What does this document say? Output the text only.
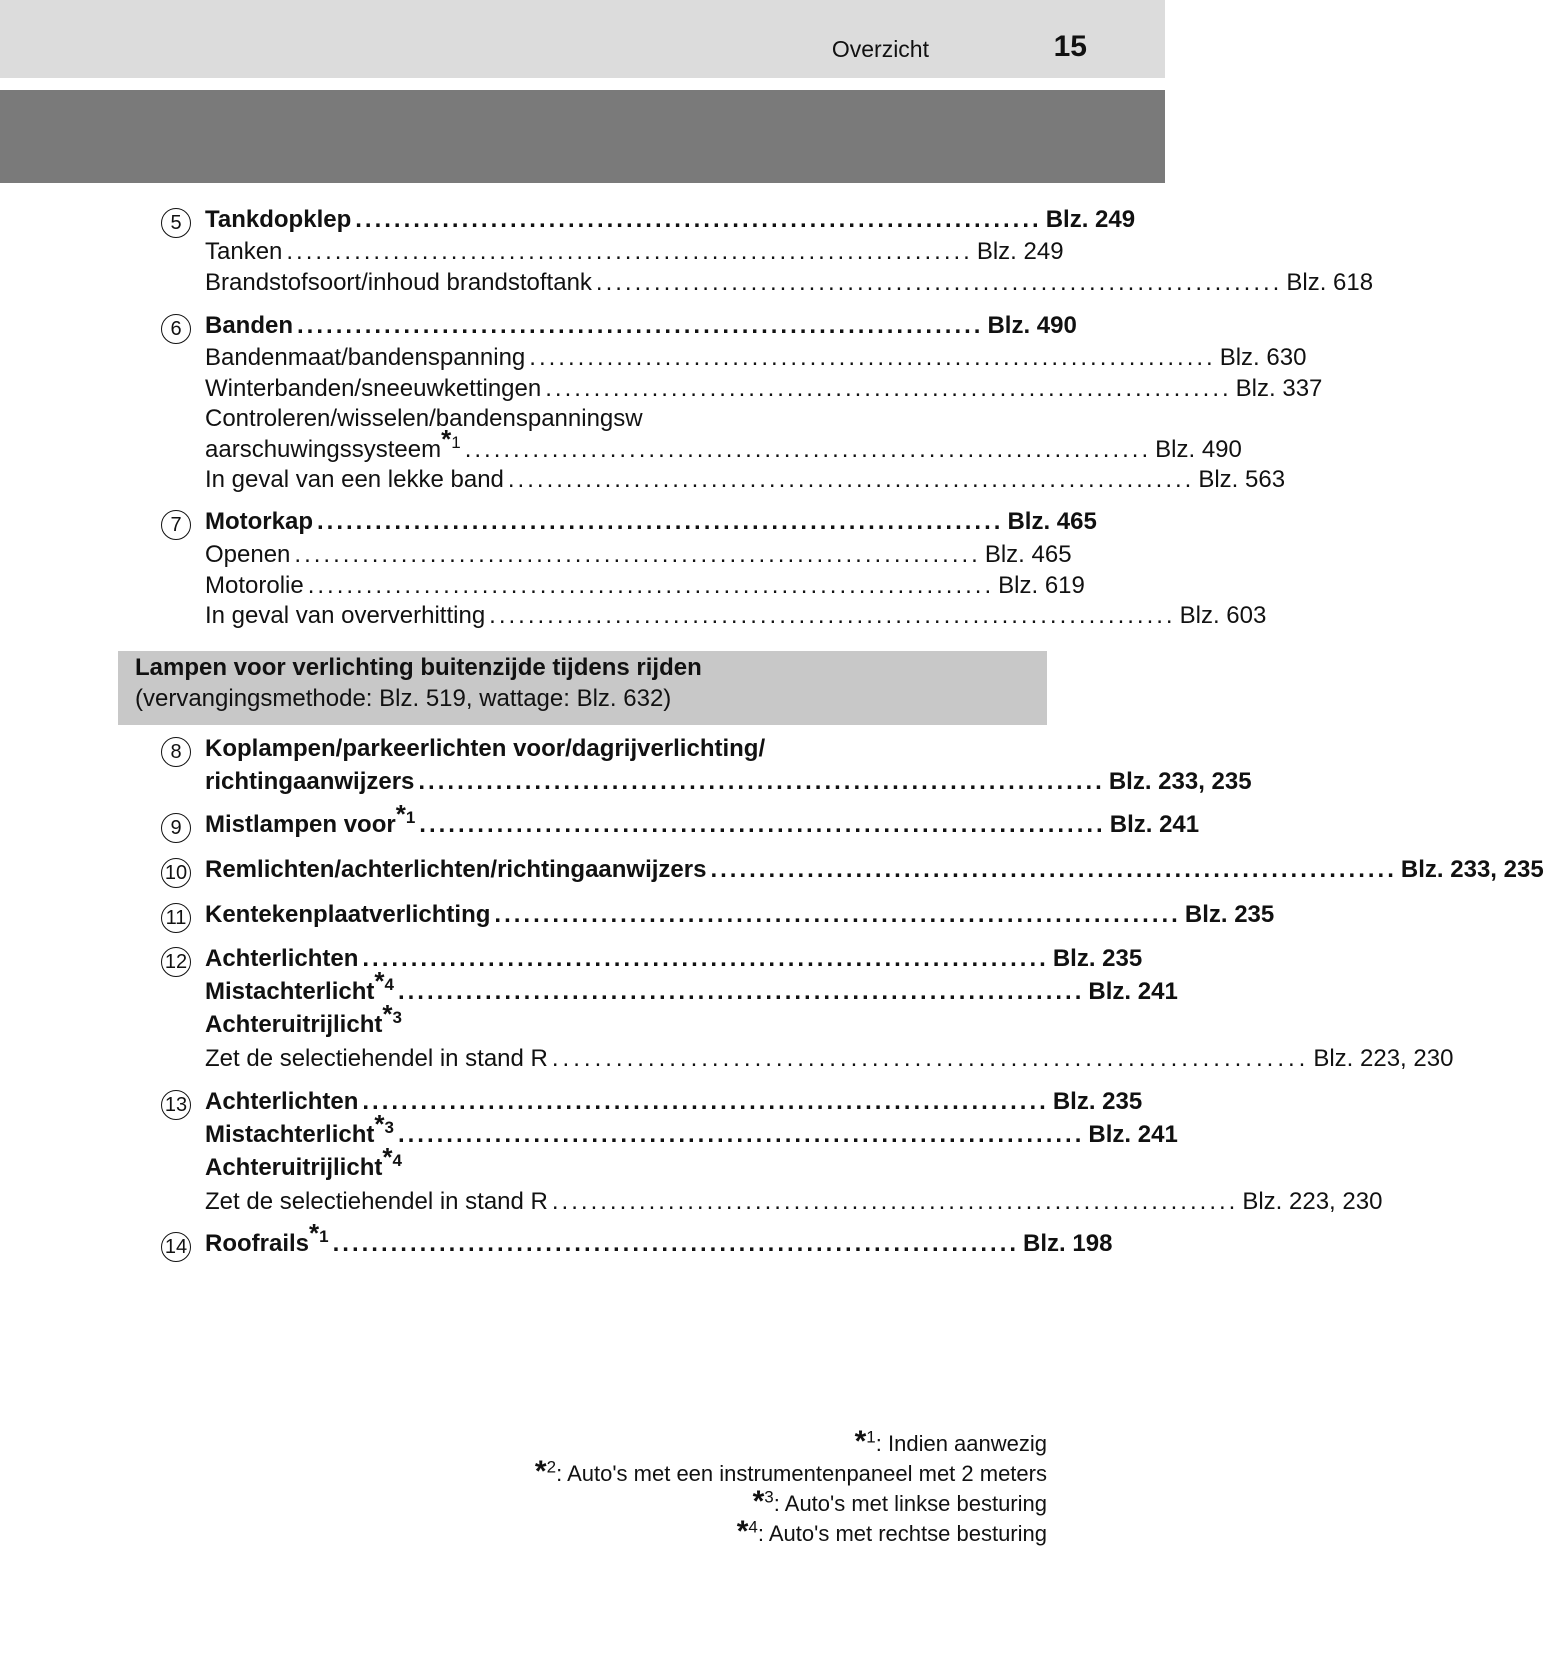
Overzicht	15
5 Tankdopklep ....................................................................... Blz. 249
Tanken ....................................................................... Blz. 249
Brandstofsoort/inhoud brandstoftank ....................................................................... Blz. 618
6 Banden ....................................................................... Blz. 490
Bandenmaat/bandenspanning ....................................................................... Blz. 630
Winterbanden/sneeuwkettingen ....................................................................... Blz. 337
Controleren/wisselen/bandenspanningsw
aarschuwingssysteem*$^1$ ....................................................................... Blz. 490
In geval van een lekke band ....................................................................... Blz. 563
7 Motorkap ....................................................................... Blz. 465
Openen ....................................................................... Blz. 465
Motorolie ....................................................................... Blz. 619
In geval van oververhitting ....................................................................... Blz. 603
Lampen voor verlichting buitenzijde tijdens rijden
(vervangingsmethode: Blz. 519, wattage: Blz. 632)
8 Koplampen/parkeerlichten voor/dagrijverlichting/
richtingaanwijzers ....................................................................... Blz. 233, 235
9 Mistlampen voor*$^1$ ....................................................................... Blz. 241
10 Remlichten/achterlichten/richtingaanwijzers ....................................................................... Blz. 233, 235
11 Kentekenplaatverlichting ....................................................................... Blz. 235
12 Achterlichten ....................................................................... Blz. 235
Mistachterlicht*$^4$ ....................................................................... Blz. 241
Achteruitrijlicht*$^3$
Zet de selectiehendel in stand R ....................................................................... Blz. 223, 230
13 Achterlichten ....................................................................... Blz. 235
Mistachterlicht*$^3$ ....................................................................... Blz. 241
Achteruitrijlicht*$^4$
Zet de selectiehendel in stand R ....................................................................... Blz. 223, 230
14 Roofrails*$^1$ ....................................................................... Blz. 198
*$^1$: Indien aanwezig
*$^2$: Auto's met een instrumentenpaneel met 2 meters
*$^3$: Auto's met linkse besturing
*$^4$: Auto's met rechtse besturing
